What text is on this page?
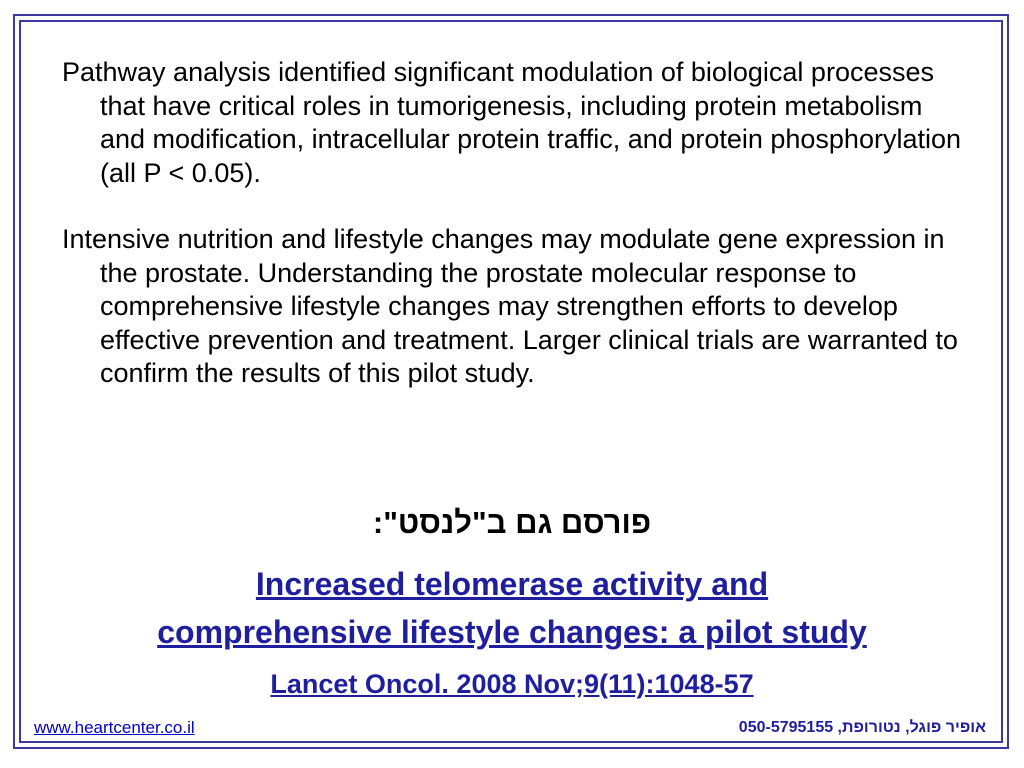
Pathway analysis identified significant modulation of biological processes that have critical roles in tumorigenesis, including protein metabolism and modification, intracellular protein traffic, and protein phosphorylation (all P < 0.05).

Intensive nutrition and lifestyle changes may modulate gene expression in the prostate. Understanding the prostate molecular response to comprehensive lifestyle changes may strengthen efforts to develop effective prevention and treatment. Larger clinical trials are warranted to confirm the results of this pilot study.

פורסם גם ב"לנסט":
Increased telomerase activity and
comprehensive lifestyle changes: a pilot study
Lancet Oncol. 2008 Nov;9(11):1048-57
www.heartcenter.co.il	אופיר פוגל, נטורופת, 050-5795155
